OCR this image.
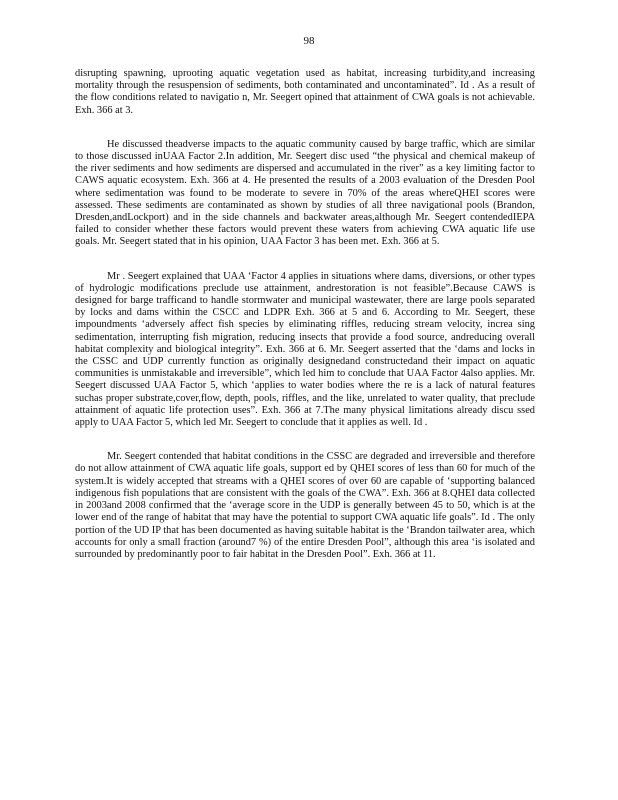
98

disrupting spawning, uprooting aquatic vegetation used as habitat, increasing turbidity,and increasing mortality through the resuspension of sediments, both contaminated and uncontaminated”. Id . As a result of the flow conditions related to navigatio n, Mr. Seegert opined that attainment of CWA goals is not achievable. Exh. 366 at 3.

He discussed theadverse impacts to the aquatic community caused by barge traffic, which are similar to those discussed inUAA Factor 2.In addition, Mr. Seegert disc used “the physical and chemical makeup of the river sediments and how sediments are dispersed and accumulated in the river” as a key limiting factor to CAWS aquatic ecosystem. Exh. 366 at 4. He presented the results of a 2003 evaluation of the Dresden Pool where sedimentation was found to be moderate to severe in 70% of the areas whereQHEI scores were assessed. These sediments are contaminated as shown by studies of all three navigational pools (Brandon, Dresden,andLockport) and in the side channels and backwater areas,although Mr. Seegert contendedIEPA failed to consider whether these factors would prevent these waters from achieving CWA aquatic life use goals. Mr. Seegert stated that in his opinion, UAA Factor 3 has been met. Exh. 366 at 5.

Mr . Seegert explained that UAA ‘Factor 4 applies in situations where dams, diversions, or other types of hydrologic modifications preclude use attainment, andrestoration is not feasible”.Because CAWS is designed for barge trafficand to handle stormwater and municipal wastewater, there are large pools separated by locks and dams within the CSCC and LDPR Exh. 366 at 5 and 6. According to Mr. Seegert, these impoundments ‘adversely affect fish species by eliminating riffles, reducing stream velocity, increa sing sedimentation, interrupting fish migration, reducing insects that provide a food source, andreducing overall habitat complexity and biological integrity”. Exh. 366 at 6. Mr. Seegert asserted that the ‘dams and locks in the CSSC and UDP currently function as originally designedand constructedand their impact on aquatic communities is unmistakable and irreversible”, which led him to conclude that UAA Factor 4also applies. Mr. Seegert discussed UAA Factor 5, which ‘applies to water bodies where the re is a lack of natural features suchas proper substrate,cover,flow, depth, pools, riffles, and the like, unrelated to water quality, that preclude attainment of aquatic life protection uses”. Exh. 366 at 7.The many physical limitations already discu ssed apply to UAA Factor 5, which led Mr. Seegert to conclude that it applies as well. Id .

Mr. Seegert contended that habitat conditions in the CSSC are degraded and irreversible and therefore do not allow attainment of CWA aquatic life goals, support ed by QHEI scores of less than 60 for much of the system.It is widely accepted that streams with a QHEI scores of over 60 are capable of ‘supporting balanced indigenous fish populations that are consistent with the goals of the CWA”. Exh. 366 at 8.QHEI data collected in 2003and 2008 confirmed that the ‘average score in the UDP is generally between 45 to 50, which is at the lower end of the range of habitat that may have the potential to support CWA aquatic life goals”. Id . The only portion of the UD IP that has been documented as having suitable habitat is the ‘Brandon tailwater area, which accounts for only a small fraction (around7 %) of the entire Dresden Pool”, although this area ‘is isolated and surrounded by predominantly poor to fair habitat in the Dresden Pool”. Exh. 366 at 11.
